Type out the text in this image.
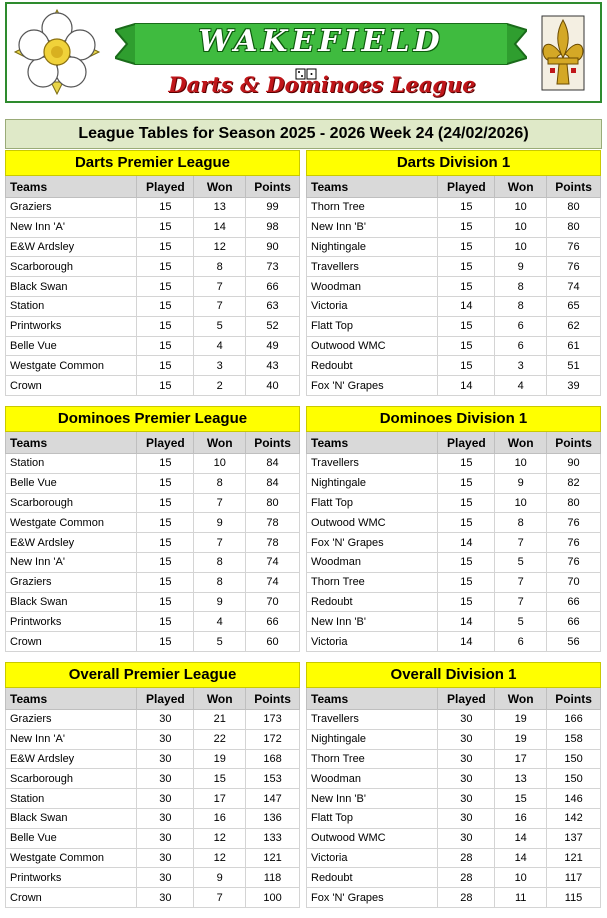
WAKEFIELD
Darts & Dominoes League
League Tables for Season 2025 - 2026 Week 24 (24/02/2026)
Darts Premier League			
Teams	Played	Won	Points
Graziers	15	13	99
New Inn 'A'	15	14	98
E&W Ardsley	15	12	90
Scarborough	15	8	73
Black Swan	15	7	66
Station	15	7	63
Printworks	15	5	52
Belle Vue	15	4	49
Westgate Common	15	3	43
Crown	15	2	40
Darts Division 1			
Teams	Played	Won	Points
Thorn Tree	15	10	80
New Inn 'B'	15	10	80
Nightingale	15	10	76
Travellers	15	9	76
Woodman	15	8	74
Victoria	14	8	65
Flatt Top	15	6	62
Outwood WMC	15	6	61
Redoubt	15	3	51
Fox 'N' Grapes	14	4	39
Dominoes Premier League			
Teams	Played	Won	Points
Station	15	10	84
Belle Vue	15	8	84
Scarborough	15	7	80
Westgate Common	15	9	78
E&W Ardsley	15	7	78
New Inn 'A'	15	8	74
Graziers	15	8	74
Black Swan	15	9	70
Printworks	15	4	66
Crown	15	5	60
Dominoes Division 1			
Teams	Played	Won	Points
Travellers	15	10	90
Nightingale	15	9	82
Flatt Top	15	10	80
Outwood WMC	15	8	76
Fox 'N' Grapes	14	7	76
Woodman	15	5	76
Thorn Tree	15	7	70
Redoubt	15	7	66
New Inn 'B'	14	5	66
Victoria	14	6	56
Overall Premier League			
Teams	Played	Won	Points
Graziers	30	21	173
New Inn 'A'	30	22	172
E&W Ardsley	30	19	168
Scarborough	30	15	153
Station	30	17	147
Black Swan	30	16	136
Belle Vue	30	12	133
Westgate Common	30	12	121
Printworks	30	9	118
Crown	30	7	100
Overall Division 1			
Teams	Played	Won	Points
Travellers	30	19	166
Nightingale	30	19	158
Thorn Tree	30	17	150
Woodman	30	13	150
New Inn 'B'	30	15	146
Flatt Top	30	16	142
Outwood WMC	30	14	137
Victoria	28	14	121
Redoubt	28	10	117
Fox 'N' Grapes	28	11	115
